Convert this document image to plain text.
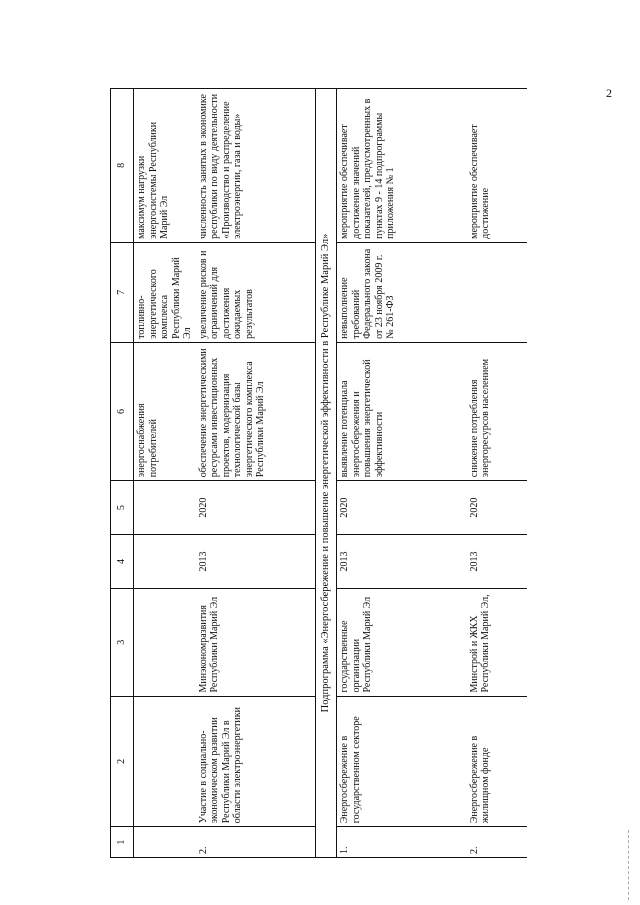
2
1	2	3	4	5	6	7	8
					энергоснабжения потребителей	топливно-энергетического комплекса Республики Марий Эл	максимум нагрузки энергосистемы Республики Марий Эл
2.	Участие в социально-экономическом развитии Республики Марий Эл в области электроэнергетики	Минэкономразвития Республики Марий Эл	2013	2020	обеспечение энергетическими ресурсами инвестиционных проектов, модернизация технологической базы энергетического комплекса Республики Марий Эл	увеличение рисков и ограничений для достижения ожидаемых результатов	численность занятых в экономике республики по виду деятельности «Производство и распределение электроэнергии, газа и воды»
Подпрограмма «Энергосбережение и повышение энергетической эффективности в Республике Марий Эл»							
1.	Энергосбережение в государственном секторе	государственные организации Республики Марий Эл	2013	2020	выявление потенциала энергосбережения и повышения энергетической эффективности	невыполнение требований Федерального закона от 23 ноября 2009 г. № 261-ФЗ	мероприятие обеспечивает достижение значений показателей, предусмотренных в пунктах 9 - 14 подпрограммы приложения № 1
2.	Энергосбережение в жилищном фонде	Минстрой и ЖКХ Республики Марий Эл,	2013	2020	снижение потребления энергоресурсов населением		мероприятие обеспечивает достижение
